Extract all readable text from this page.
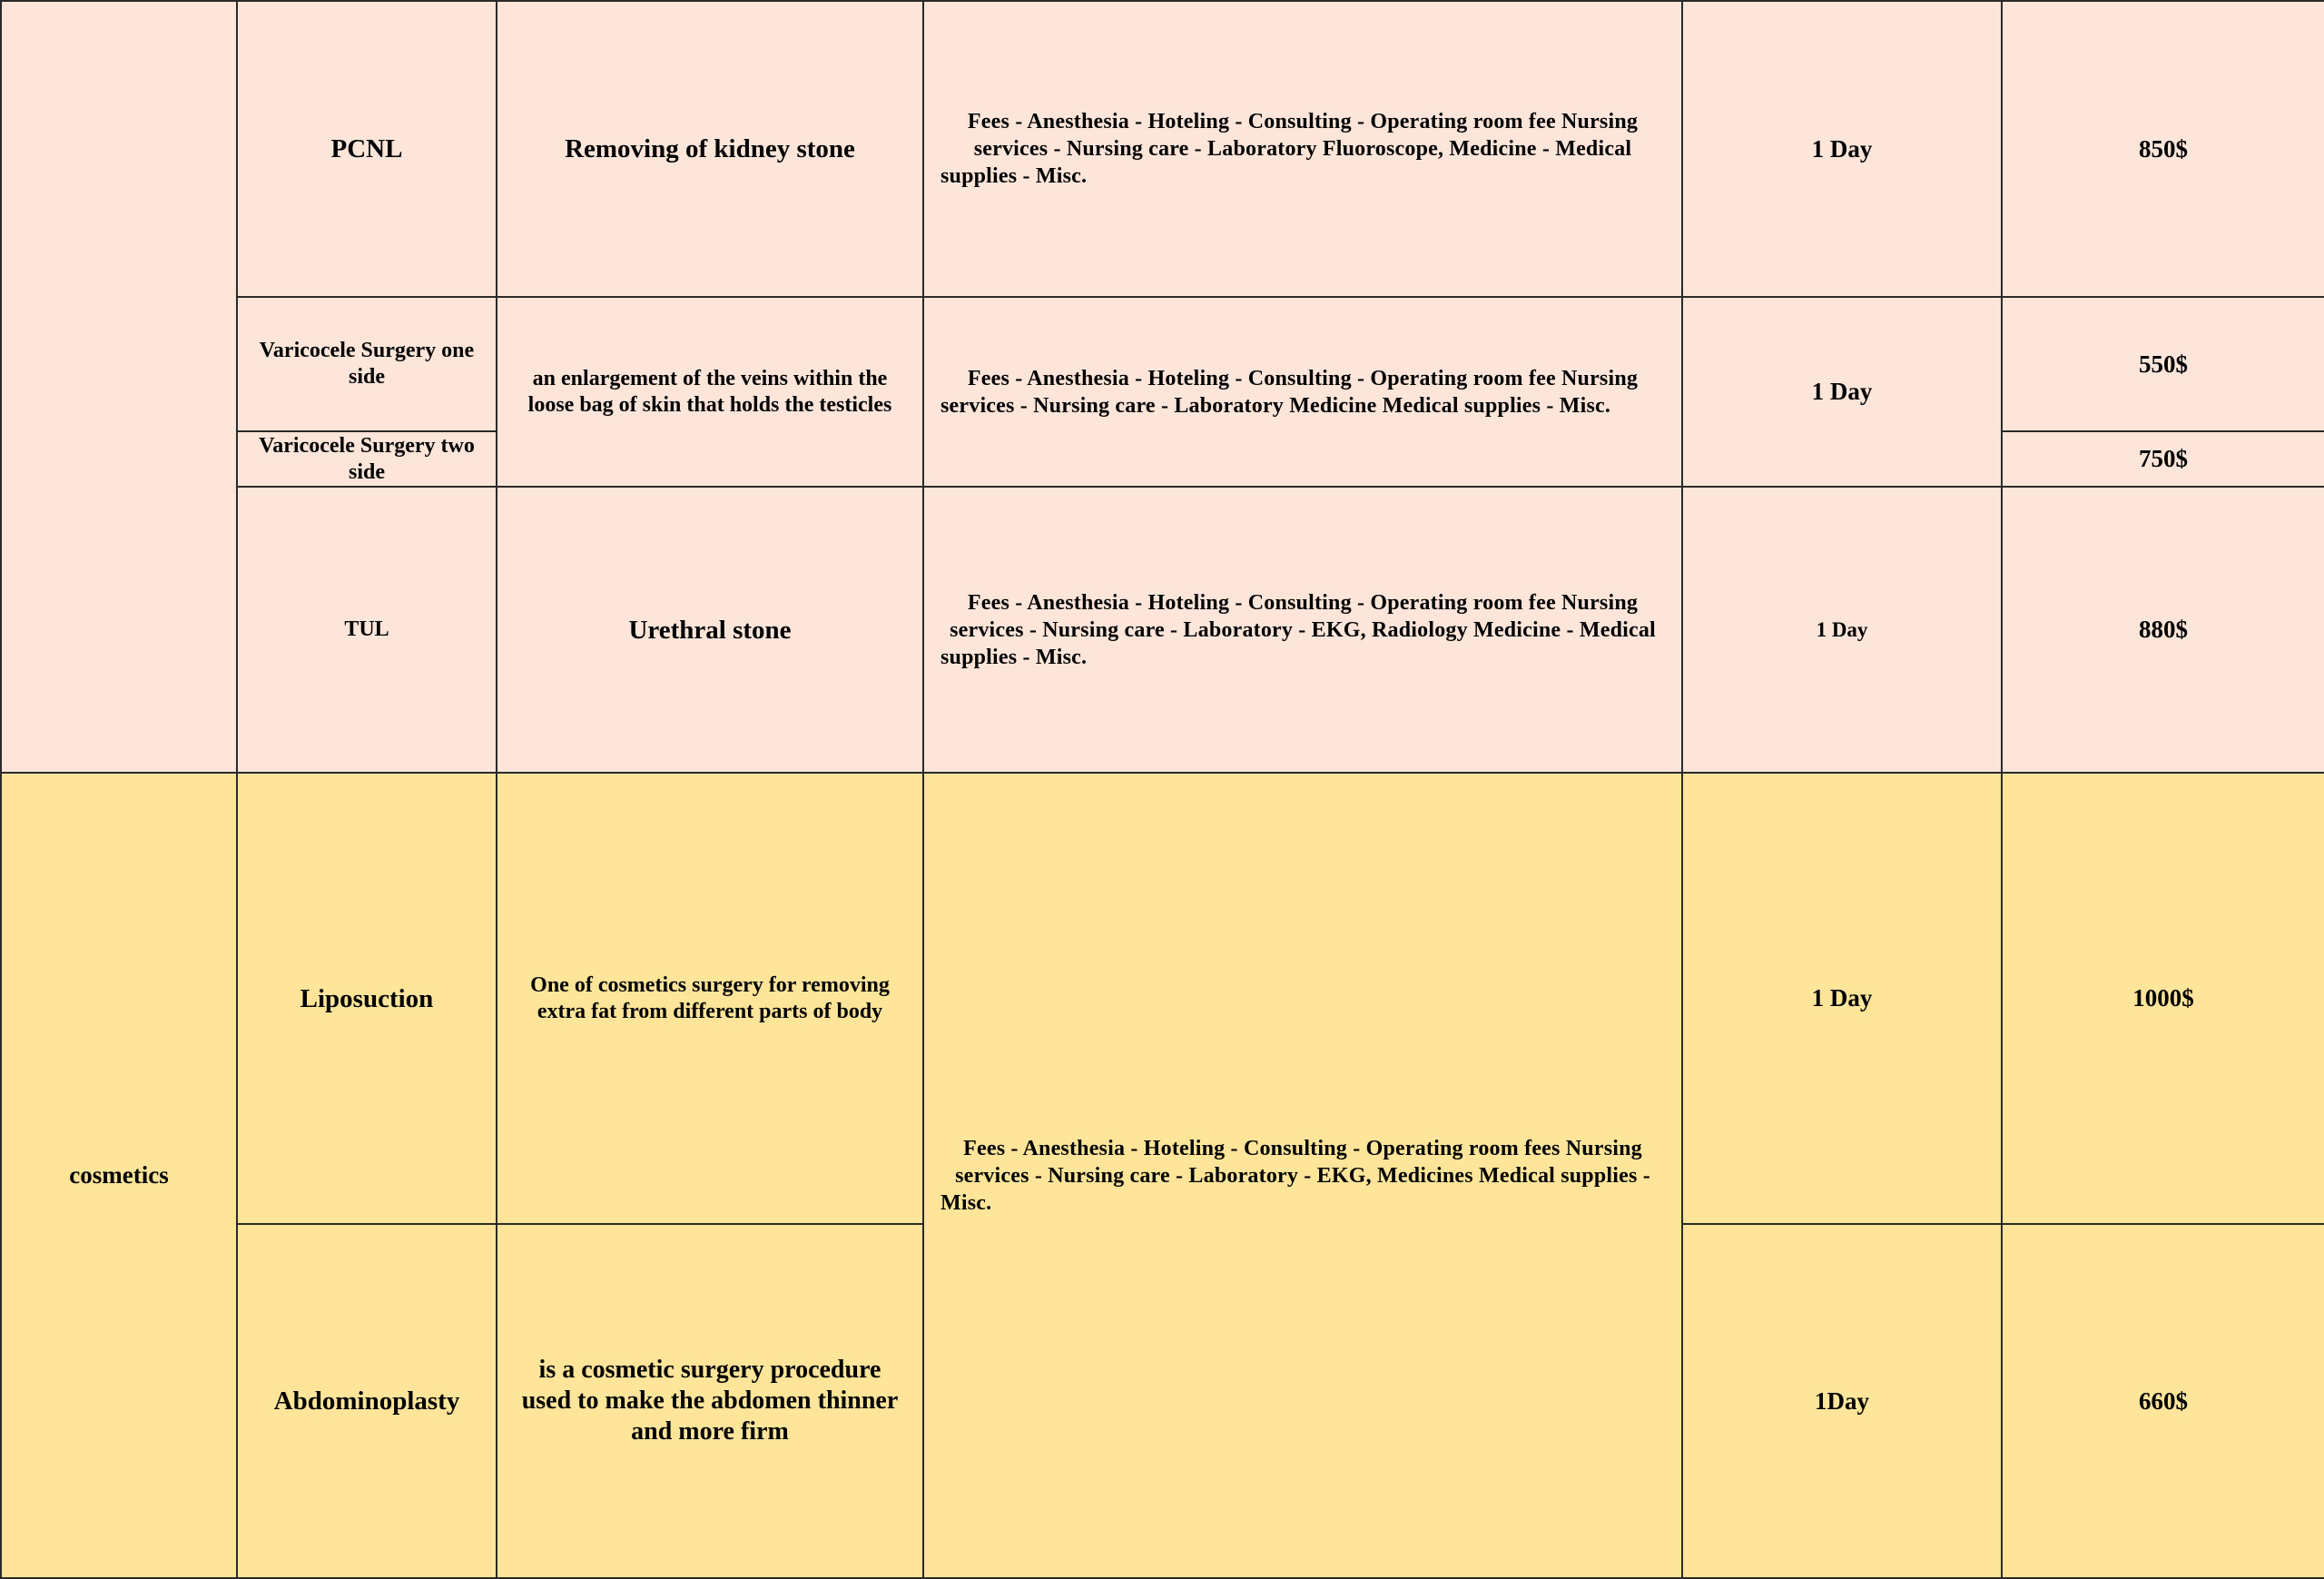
	PCNL	Removing of kidney stone	Fees - Anesthesia - Hoteling - Consulting - Operating room fee Nursing services - Nursing care - Laboratory Fluoroscope, Medicine - Medical supplies - Misc.	1 Day	850$
	Varicocele Surgery one side	an enlargement of the veins within the loose bag of skin that holds the testicles	Fees - Anesthesia - Hoteling - Consulting - Operating room fee Nursing services - Nursing care - Laboratory Medicine Medical supplies - Misc.	1 Day	550$
	Varicocele Surgery two side				750$
	TUL	Urethral stone	Fees - Anesthesia - Hoteling - Consulting - Operating room fee Nursing services - Nursing care - Laboratory - EKG, Radiology Medicine - Medical supplies - Misc.	1 Day	880$
cosmetics	Liposuction	One of cosmetics surgery for removing extra fat from different parts of body	Fees - Anesthesia - Hoteling - Consulting - Operating room fees Nursing services - Nursing care - Laboratory - EKG, Medicines Medical supplies - Misc.	1 Day	1000$
	Abdominoplasty	is a cosmetic surgery procedure used to make the abdomen thinner and more firm		1Day	660$
